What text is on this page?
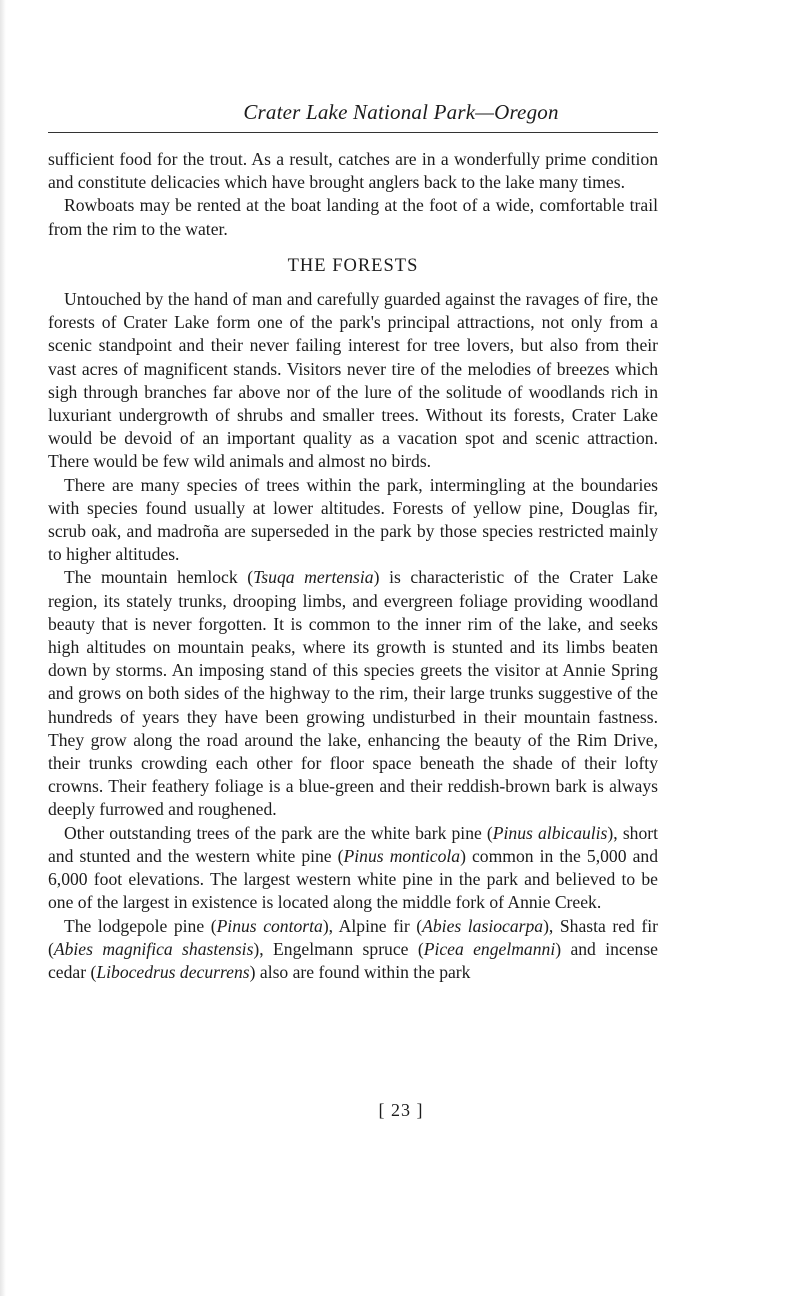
Crater Lake National Park—Oregon

sufficient food for the trout. As a result, catches are in a wonderfully prime condition and constitute delicacies which have brought anglers back to the lake many times.

Rowboats may be rented at the boat landing at the foot of a wide, comfortable trail from the rim to the water.

THE FORESTS

Untouched by the hand of man and carefully guarded against the ravages of fire, the forests of Crater Lake form one of the park's principal attractions, not only from a scenic standpoint and their never failing interest for tree lovers, but also from their vast acres of magnificent stands. Visitors never tire of the melodies of breezes which sigh through branches far above nor of the lure of the solitude of woodlands rich in luxuriant undergrowth of shrubs and smaller trees. Without its forests, Crater Lake would be devoid of an important quality as a vacation spot and scenic attraction. There would be few wild animals and almost no birds.

There are many species of trees within the park, intermingling at the boundaries with species found usually at lower altitudes. Forests of yellow pine, Douglas fir, scrub oak, and madroña are superseded in the park by those species restricted mainly to higher altitudes.

The mountain hemlock (Tsuqa mertensia) is characteristic of the Crater Lake region, its stately trunks, drooping limbs, and evergreen foliage providing woodland beauty that is never forgotten. It is common to the inner rim of the lake, and seeks high altitudes on mountain peaks, where its growth is stunted and its limbs beaten down by storms. An imposing stand of this species greets the visitor at Annie Spring and grows on both sides of the highway to the rim, their large trunks suggestive of the hundreds of years they have been growing undisturbed in their mountain fastness. They grow along the road around the lake, enhancing the beauty of the Rim Drive, their trunks crowding each other for floor space beneath the shade of their lofty crowns. Their feathery foliage is a blue-green and their reddish-brown bark is always deeply furrowed and roughened.

Other outstanding trees of the park are the white bark pine (Pinus albicaulis), short and stunted and the western white pine (Pinus monticola) common in the 5,000 and 6,000 foot elevations. The largest western white pine in the park and believed to be one of the largest in existence is located along the middle fork of Annie Creek.

The lodgepole pine (Pinus contorta), Alpine fir (Abies lasiocarpa), Shasta red fir (Abies magnifica shastensis), Engelmann spruce (Picea engelmanni) and incense cedar (Libocedrus decurrens) also are found within the park

[ 23 ]
